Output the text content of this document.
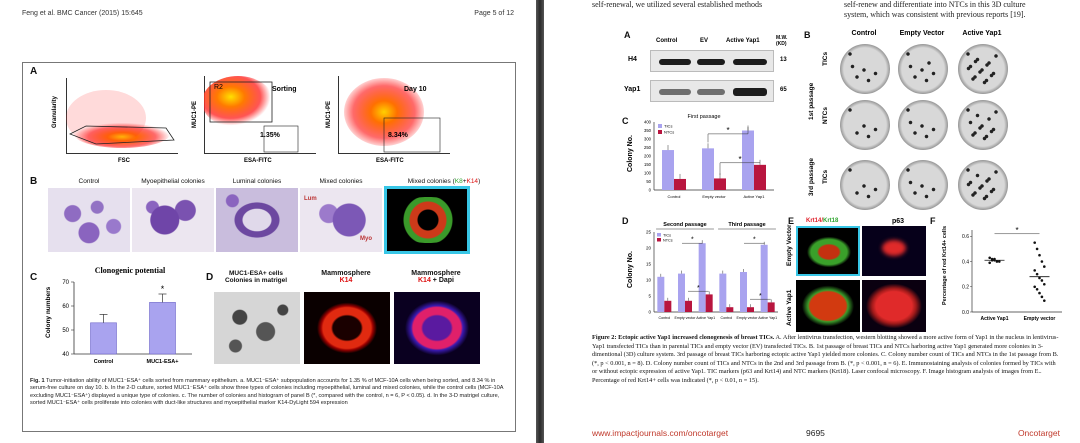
Feng et al. BMC Cancer (2015) 15:645	Page 5 of 12
A
FSC
Granularity
Sorting
R2
1.35%
ESA-FITC
MUC1-PE
Day 10
8.34%
ESA-FITC
MUC1-PE
B	Control	Myoepithelial colonies	Luminal colonies	Mixed colonies	Mixed colonies (K8+K14)
Lum
Myo
C
Clonogenic potential
40
50
60
70
Colony numbers
Control	MUC1-ESA+
*
D	MUC1-ESA+ cells
Colonies in matrigel
Mammosphere
K14
Mammosphere
K14 + Dapi
Fig. 1 Tumor-initiation ability of MUC1⁻ESA⁺ cells sorted from mammary epithelium. a. MUC1⁻ESA⁺ subpopulation accounts for 1.35 % of MCF-10A cells when being sorted, and 8.34 % in serum-free culture on day 10. b. In the 2-D culture, sorted MUC1⁻ESA⁺ cells show three types of colonies including myoepithelial, luminal and mixed colonies, while the control cells (MCF-10A excluding MUC1⁻ESA⁺) displayed a unique type of colonies. c. The number of colonies and histogram of panel B (*, compared with the control, n = 6, P < 0.05). d. In the 3-D matrigel culture, sorted MUC1⁻ESA⁺ cells proliferate into colonies with duct-like structures and myoepithelial marker K14-DyLight 594 expression
self-renewal, we utilized several established methods	self-renew and differentiate into NTCs in this 3D culture
system, which was consistent with previous reports [19].
A
Control	EV	Active Yap1	M.W.
(KD)
H4	13
Yap1	65
C	First passage
0
50
100
150
200
250
300
350
400
Colony No.
Control	Empty vector	Active Yap1
TICs
NTCs	*
*
B	Control	Empty Vector	Active Yap1
TICs
NTCs
TICs
1st passage
3rd passage
D
0
5
10
15
20
25
Colony No.
Control Empty vector Active Yap1 Control Empty vector Active Yap1
Second passage	Third passage
TICs
NTCs	*	*
*
*
E Krt14/Krt18	p63
Empty Vector
Active Yap1
F
0.0
0.2
0.4
0.6
Percentage of red Krt14+ cells
Active Yap1	Empty vector
*
Figure 2: Ectopic active Yap1 increased clonogenesis of breast TICs. A. After lentivirus transfection, western blotting showed a more active form of Yap1 in the nucleus in lentivirus-Yap1 transfected TICs than in parental TICs and empty vector (EV) transfected TICs. B. 1st passage of breast TICs and NTCs harboring active Yap1 generated more colonies in 3-dimentional (3D) culture system. 3rd passage of breast TICs harboring ectopic active Yap1 yielded more colonies. C. Colony number count of TICs and NTCs in the 1st passage from B. (*, p < 0.001, n = 8). D. Colony number count of TICs and NTCs in the 2nd and 3rd passage from B. (*, p < 0.001, n = 6). E. Immunostaining analysis of colonies formed by TICs with or without ectopic expression of active Yap1. TIC markers (p63 and Krt14) and NTC markers (Krt18). Laser confocal microscopy. F. Image histogram analysis of images from E.. Percentage of red Krt14+ cells was indicated (*, p < 0.01, n = 15).
www.impactjournals.com/oncotarget	9695	Oncotarget
